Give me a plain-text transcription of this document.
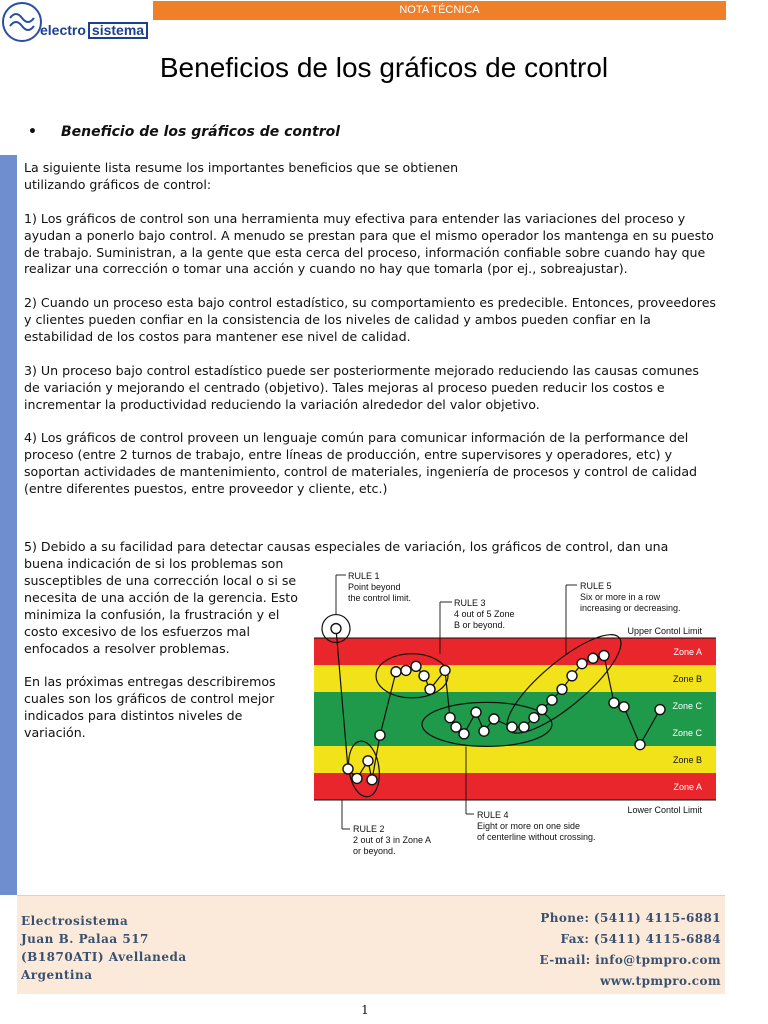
electro sistema
NOTA TÉCNICA
Beneficios de los gráficos de control
• Beneficio de los gráficos de control

La siguiente lista resume los importantes beneficios que se obtienen utilizando gráficos de control:

1) Los gráficos de control son una herramienta muy efectiva para entender las variaciones del proceso y ayudan a ponerlo bajo control. A menudo se prestan para que el mismo operador los mantenga en su puesto de trabajo. Suministran, a la gente que esta cerca del proceso, información confiable sobre cuando hay que realizar una corrección o tomar una acción y cuando no hay que tomarla (por ej., sobreajustar).

2) Cuando un proceso esta bajo control estadístico, su comportamiento es predecible. Entonces, proveedores y clientes pueden confiar en la consistencia de los niveles de calidad y ambos pueden confiar en la estabilidad de los costos para mantener ese nivel de calidad.

3) Un proceso bajo control estadístico puede ser posteriormente mejorado reduciendo las causas comunes de variación y mejorando el centrado (objetivo). Tales mejoras al proceso pueden reducir los costos e incrementar la productividad reduciendo la variación alrededor del valor objetivo.

4) Los gráficos de control proveen un lenguaje común para comunicar información de la performance del proceso (entre 2 turnos de trabajo, entre líneas de producción, entre supervisores y operadores, etc) y soportan actividades de mantenimiento, control de materiales, ingeniería de procesos y control de calidad (entre diferentes puestos, entre proveedor y cliente, etc.)

5) Debido a su facilidad para detectar causas especiales de variación, los gráficos de control, dan una

buena indicación de si los problemas son susceptibles de una corrección local o si se necesita de una acción de la gerencia. Esto minimiza la confusión, la frustración y el costo excesivo de los esfuerzos mal enfocados a resolver problemas.

En las próximas entregas describiremos cuales son los gráficos de control mejor indicados para distintos niveles de variación.

Zone A
Zone B
Zone C
Zone C
Zone B
Zone A
Upper Contol Limit
Lower Contol Limit
RULE 1
Point beyond
the control limit.
RULE 2
2 out of 3 in Zone A
or beyond.
RULE 3
4 out of 5 Zone
B or beyond.
RULE 4
Eight or more on one side
of centerline without crossing.
RULE 5
Six or more in a row
increasing or decreasing.
Electrosistema
Juan B. Palaa 517
(B1870ATI) Avellaneda
Argentina
Phone: (5411) 4115-6881
Fax: (5411) 4115-6884
E-mail: info@tpmpro.com
www.tpmpro.com
1
